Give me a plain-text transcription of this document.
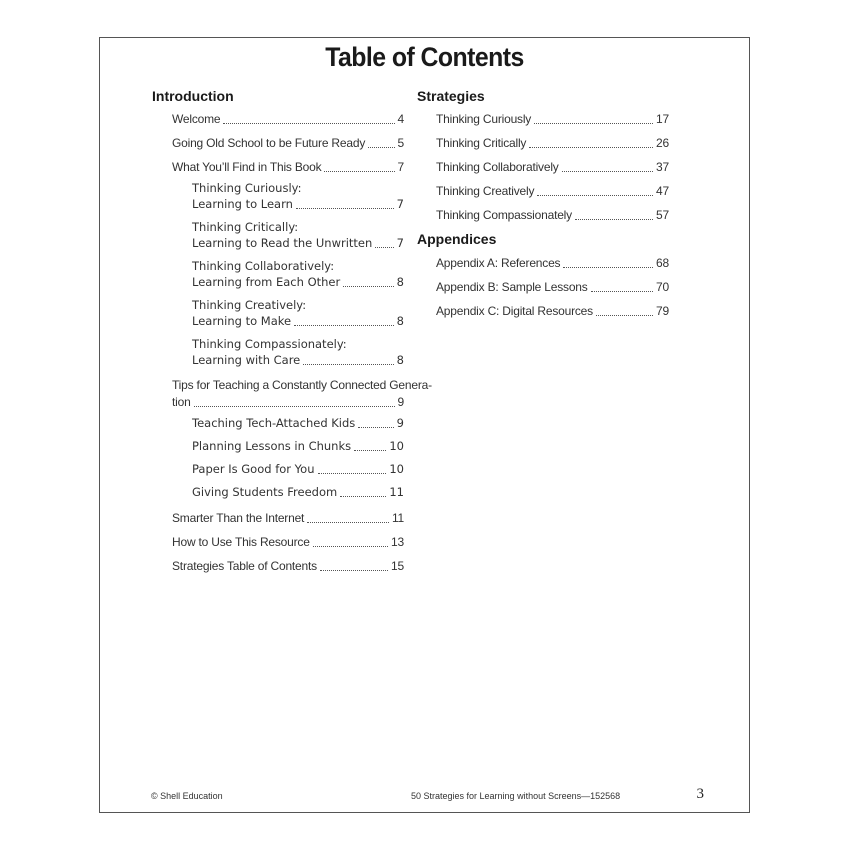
Table of Contents
Introduction
Welcome	4
Going Old School to be Future Ready	5
What You’ll Find in This Book	7
Thinking Curiously:
Learning to Learn	7
Thinking Critically:
Learning to Read the Unwritten 7
Thinking Collaboratively:
Learning from Each Other	8
Thinking Creatively:
Learning to Make	8
Thinking Compassionately:
Learning with Care	8
Tips for Teaching a Constantly Connected Genera-
tion	9
Teaching Tech-Attached Kids	9
Planning Lessons in Chunks	10
Paper Is Good for You	10
Giving Students Freedom	11
Smarter Than the Internet	11
How to Use This Resource	13
Strategies Table of Contents	15
Strategies
Thinking Curiously	17
Thinking Critically	26
Thinking Collaboratively	37
Thinking Creatively	47
Thinking Compassionately	57
Appendices
Appendix A: References	68
Appendix B: Sample Lessons	70
Appendix C: Digital Resources	79
© Shell Education	50 Strategies for Learning without Screens—152568	3
